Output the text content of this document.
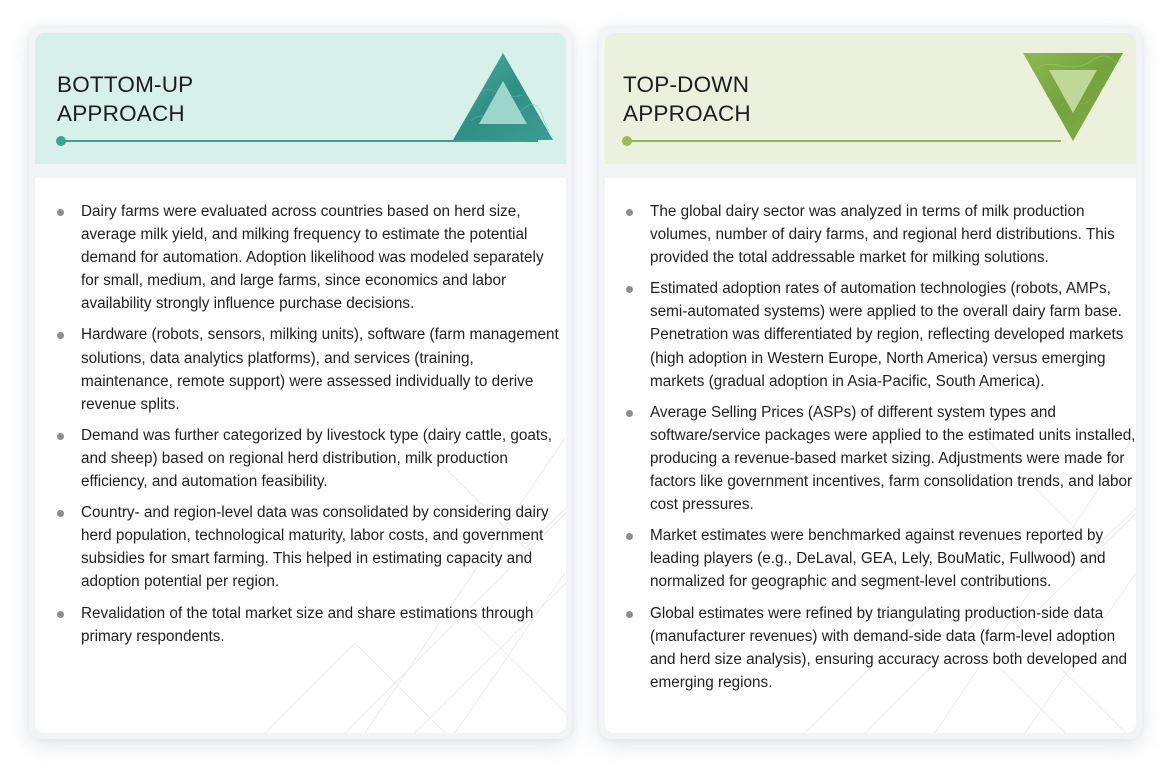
BOTTOM-UP
APPROACH
Dairy farms were evaluated across countries based on herd size, average milk yield, and milking frequency to estimate the potential demand for automation. Adoption likelihood was modeled separately for small, medium, and large farms, since economics and labor availability strongly influence purchase decisions.
Hardware (robots, sensors, milking units), software (farm management solutions, data analytics platforms), and services (training, maintenance, remote support) were assessed individually to derive revenue splits.
Demand was further categorized by livestock type (dairy cattle, goats, and sheep) based on regional herd distribution, milk production efficiency, and automation feasibility.
Country- and region-level data was consolidated by considering dairy herd population, technological maturity, labor costs, and government subsidies for smart farming. This helped in estimating capacity and adoption potential per region.
Revalidation of the total market size and share estimations through primary respondents.
TOP-DOWN
APPROACH
The global dairy sector was analyzed in terms of milk production volumes, number of dairy farms, and regional herd distributions. This provided the total addressable market for milking solutions.
Estimated adoption rates of automation technologies (robots, AMPs, semi-automated systems) were applied to the overall dairy farm base. Penetration was differentiated by region, reflecting developed markets (high adoption in Western Europe, North America) versus emerging markets (gradual adoption in Asia-Pacific, South America).
Average Selling Prices (ASPs) of different system types and software/service packages were applied to the estimated units installed, producing a revenue-based market sizing. Adjustments were made for factors like government incentives, farm consolidation trends, and labor cost pressures.
Market estimates were benchmarked against revenues reported by leading players (e.g., DeLaval, GEA, Lely, BouMatic, Fullwood) and normalized for geographic and segment-level contributions.
Global estimates were refined by triangulating production-side data (manufacturer revenues) with demand-side data (farm-level adoption and herd size analysis), ensuring accuracy across both developed and emerging regions.
